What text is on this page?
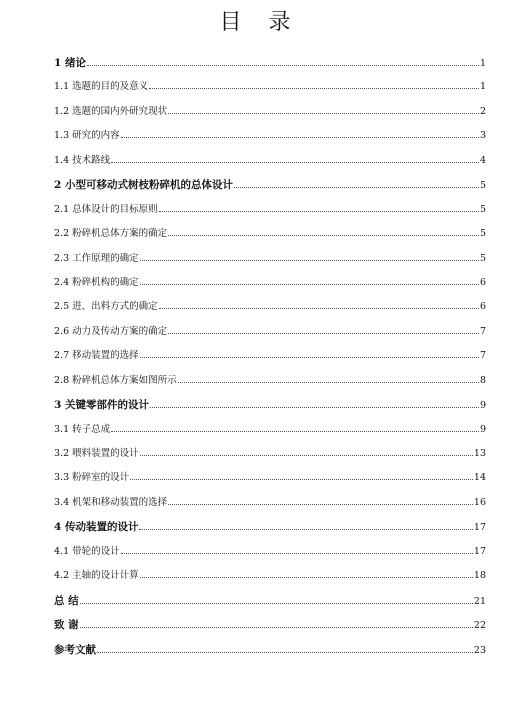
目 录
1 绪论	1
1.1 选题的目的及意义	1
1.2 选题的国内外研究现状	2
1.3 研究的内容	3
1.4 技术路线	4
2 小型可移动式树枝粉碎机的总体设计	5
2.1 总体设计的目标原则	5
2.2 粉碎机总体方案的确定	5
2.3 工作原理的确定	5
2.4 粉碎机构的确定	6
2.5 进、出料方式的确定	6
2.6 动力及传动方案的确定	7
2.7 移动装置的选择	7
2.8 粉碎机总体方案如图所示	8
3 关键零部件的设计	9
3.1 转子总成	9
3.2 喂料装置的设计	13
3.3 粉碎室的设计	14
3.4 机架和移动装置的选择	16
4 传动装置的设计	17
4.1 带轮的设计	17
4.2 主轴的设计计算	18
总 结	21
致 谢	22
参考文献	23
